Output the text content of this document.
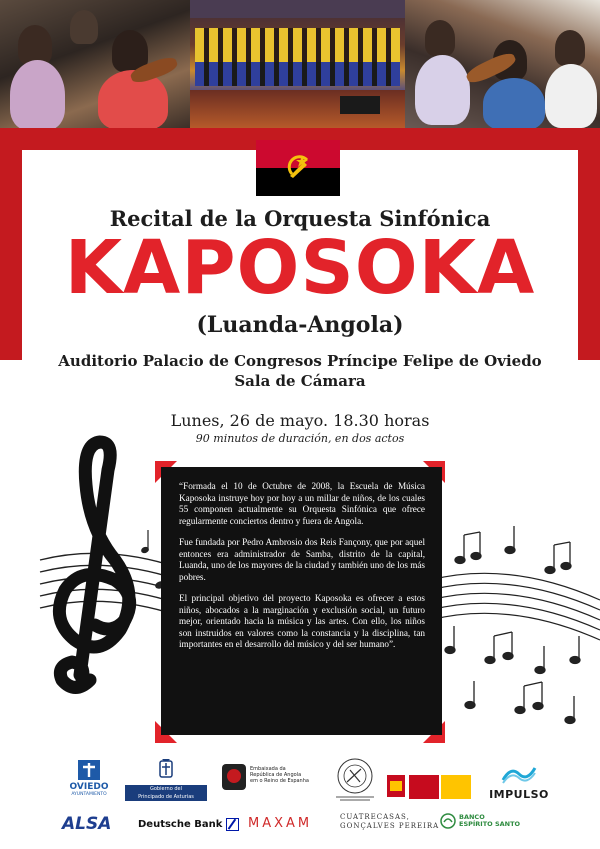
Recital de la Orquesta Sinfónica
KAPOSOKA
(Luanda-Angola)
Auditorio Palacio de Congresos Príncipe Felipe de Oviedo
Sala de Cámara
Lunes, 26 de mayo. 18.30 horas
90 minutos de duración, en dos actos

“Formada el 10 de Octubre de 2008, la Escuela de Música Kaposoka instruye hoy por hoy a un millar de niños, de los cuales 55 componen actualmente su Orquesta Sinfónica que ofrece regularmente conciertos dentro y fuera de Angola.

Fue fundada por Pedro Ambrosio dos Reis Fançony, que por aquel entonces era administrador de Samba, distrito de la capital, Luanda, uno de los mayores de la ciudad y también uno de los más pobres.

El principal objetivo del proyecto Kaposoka es ofrecer a estos niños, abocados a la marginación y exclusión social, un futuro mejor, orientado hacia la música y las artes. Con ello, los niños son instruidos en valores como la constancia y la disciplina, tan importantes en el desarrollo del músico y del ser humano”.

OVIEDO
AYUNTAMIENTO
Gobierno del
Principado de Asturias
Embaixada da
República de Angola
em o Reino de Espanha
IMPULSO
ALSA	Deutsche Bank MAXAM	CUATRECASAS,
GONÇALVES PEREIRA
BANCO
ESPÍRITO SANTO
